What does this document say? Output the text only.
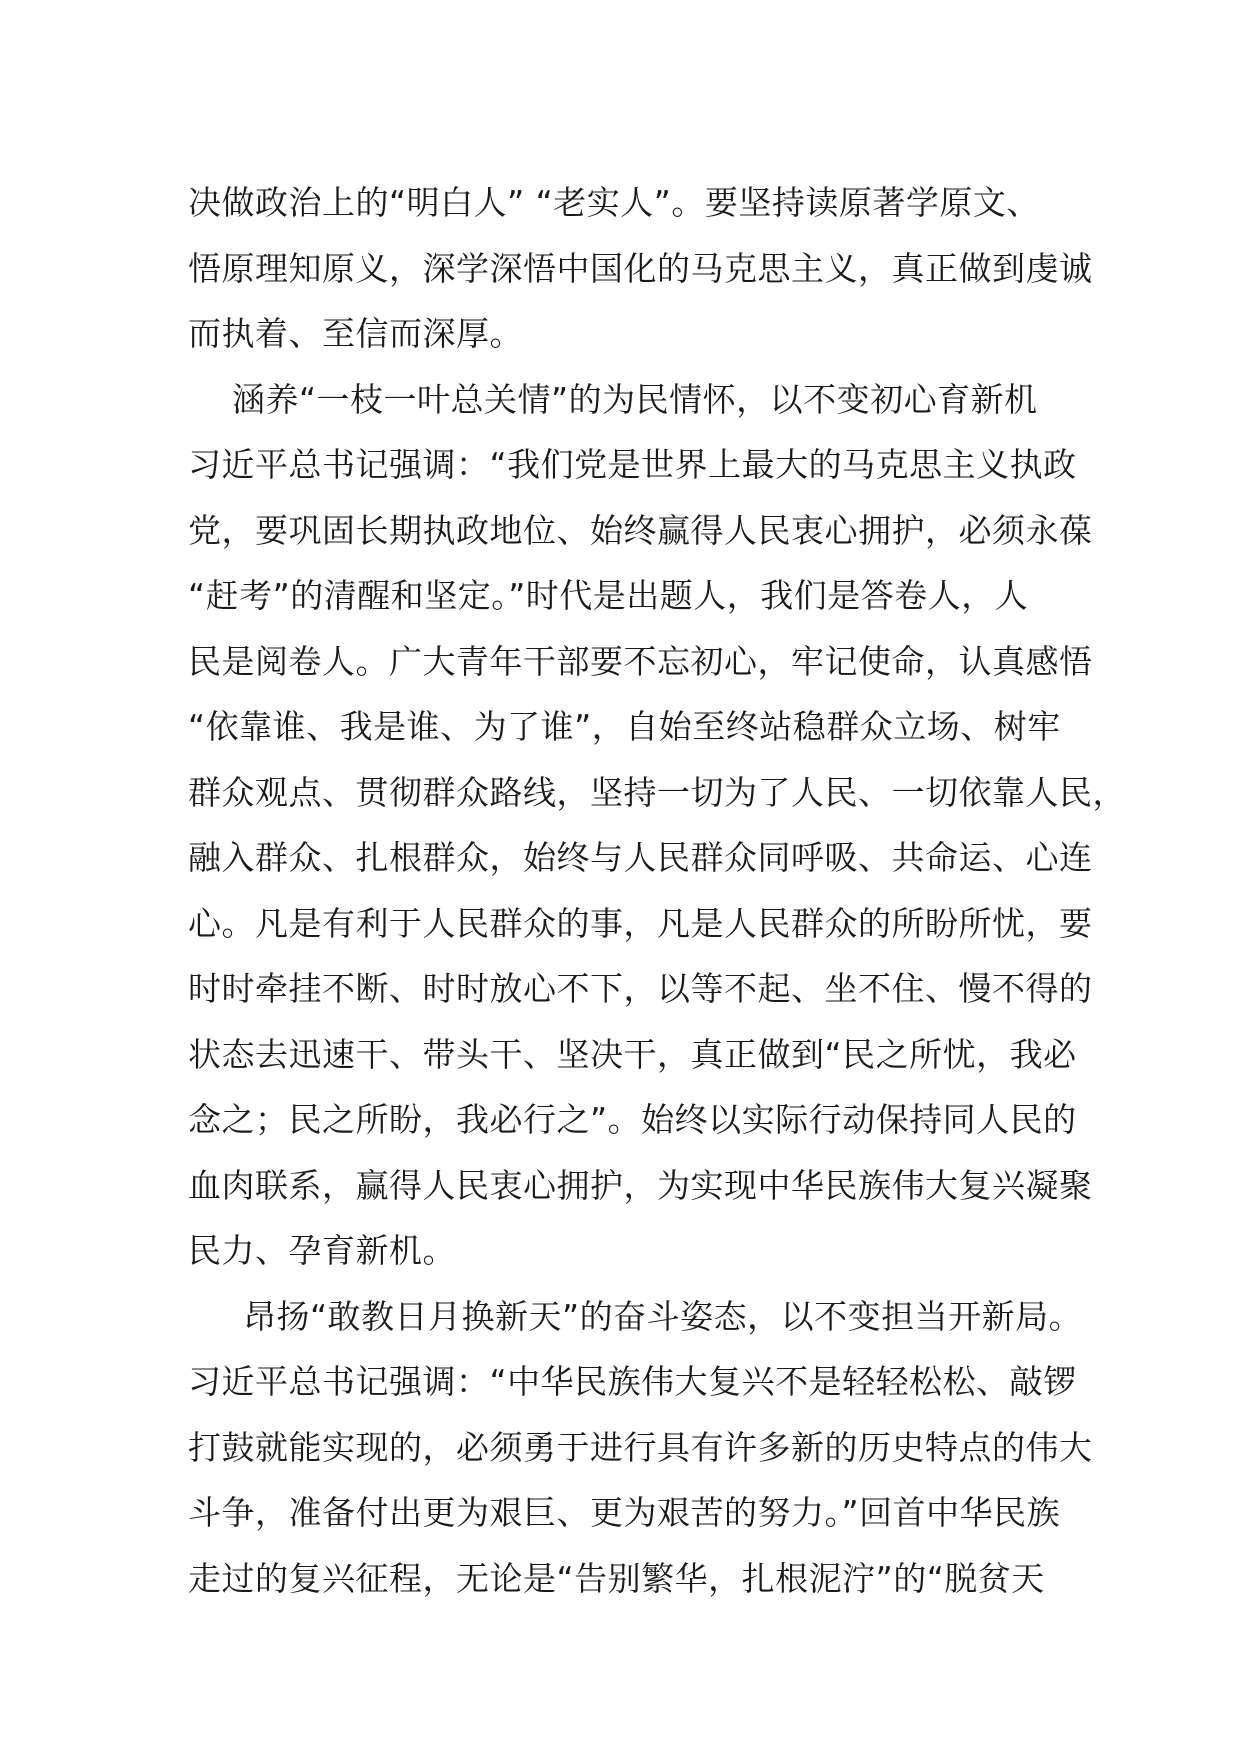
决做政治上的“明白人” “老实人”。要坚持读原著学原文、
悟原理知原义，深学深悟中国化的马克思主义，真正做到虔诚
而执着、至信而深厚。
涵养“一枝一叶总关情”的为民情怀，以不变初心育新机
习近平总书记强调：“我们党是世界上最大的马克思主义执政
党，要巩固长期执政地位、始终赢得人民衷心拥护，必须永葆
“赶考”的清醒和坚定。”时代是出题人，我们是答卷人，人
民是阅卷人。广大青年干部要不忘初心，牢记使命，认真感悟
“依靠谁、我是谁、为了谁”，自始至终站稳群众立场、树牢
群众观点、贯彻群众路线，坚持一切为了人民、一切依靠人民，
融入群众、扎根群众，始终与人民群众同呼吸、共命运、心连
心。凡是有利于人民群众的事，凡是人民群众的所盼所忧，要
时时牵挂不断、时时放心不下，以等不起、坐不住、慢不得的
状态去迅速干、带头干、坚决干，真正做到“民之所忧，我必
念之；民之所盼，我必行之”。始终以实际行动保持同人民的
血肉联系，赢得人民衷心拥护，为实现中华民族伟大复兴凝聚
民力、孕育新机。
昂扬“敢教日月换新天”的奋斗姿态，以不变担当开新局。
习近平总书记强调：“中华民族伟大复兴不是轻轻松松、敲锣
打鼓就能实现的，必须勇于进行具有许多新的历史特点的伟大
斗争，准备付出更为艰巨、更为艰苦的努力。”回首中华民族
走过的复兴征程，无论是“告别繁华，扎根泥泞”的“脱贫天
